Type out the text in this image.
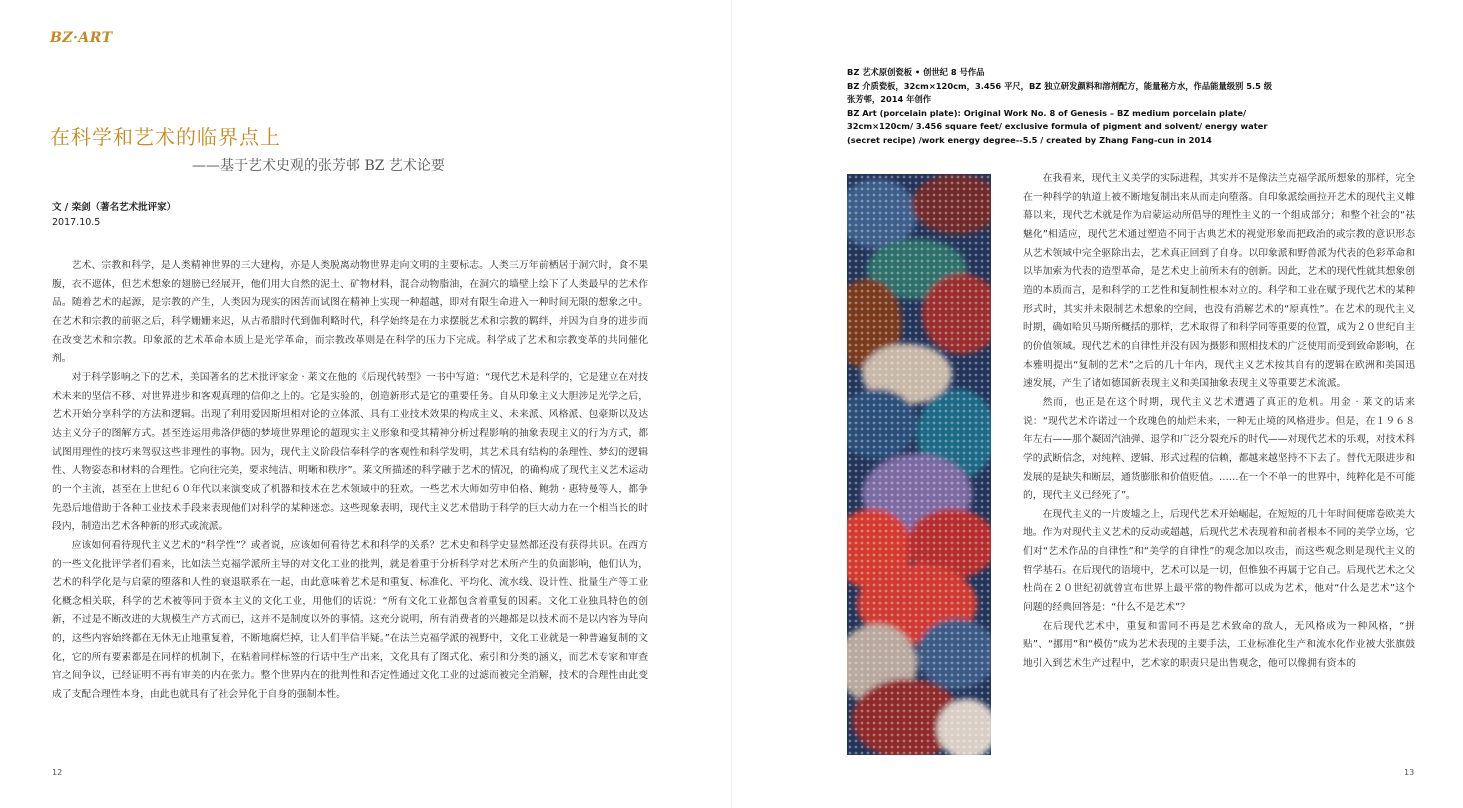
BZ·ART
在科学和艺术的临界点上
——基于艺术史观的张芳邨 BZ 艺术论要
文 / 栾剑（著名艺术批评家）
2017.10.5

艺术、宗教和科学，是人类精神世界的三大建构，亦是人类脱离动物世界走向文明的主要标志。人类三万年前栖居于洞穴时，食不果腹，衣不遮体，但艺术想象的翅膀已经展开，他们用大自然的泥土、矿物材料，混合动物脂油，在洞穴的墙壁上绘下了人类最早的艺术作品。随着艺术的起源，是宗教的产生，人类因为现实的困苦而试图在精神上实现一种超越，即对有限生命进入一种时间无限的想象之中。在艺术和宗教的前驱之后，科学姗姗来迟，从古希腊时代到伽利略时代，科学始终是在力求摆脱艺术和宗教的羁绊，并因为自身的进步而在改变艺术和宗教。印象派的艺术革命本质上是光学革命，而宗教改革则是在科学的压力下完成。科学成了艺术和宗教变革的共同催化剂。

对于科学影响之下的艺术，美国著名的艺术批评家金 · 莱文在他的《后现代转型》一书中写道：“现代艺术是科学的，它是建立在对技术未来的坚信不移、对世界进步和客观真理的信仰之上的。它是实验的，创造新形式是它的重要任务。自从印象主义大胆涉足光学之后，艺术开始分享科学的方法和逻辑。出现了利用爱因斯坦相对论的立体派、具有工业技术效果的构成主义、未来派、风格派、包豪斯以及达达主义分子的图解方式。甚至连运用弗洛伊德的梦境世界理论的超现实主义形象和受其精神分析过程影响的抽象表现主义的行为方式，都试图用理性的技巧来驾驭这些非理性的事物。因为，现代主义阶段信奉科学的客观性和科学发明，其艺术具有结构的条理性、梦幻的逻辑性、人物姿态和材料的合理性。它向往完美，要求纯洁、明晰和秩序”。莱文所描述的科学融于艺术的情况，的确构成了现代主义艺术运动的一个主流，甚至在上世纪６０年代以来演变成了机器和技术在艺术领域中的狂欢。一些艺术大师如劳申伯格、鲍勃 · 惠特曼等人，都争先恐后地借助于各种工业技术手段来表现他们对科学的某种迷恋。这些现象表明，现代主义艺术借助于科学的巨大动力在一个相当长的时段内，制造出艺术各种新的形式或流派。

应该如何看待现代主义艺术的“科学性”？或者说，应该如何看待艺术和科学的关系？艺术史和科学史显然都还没有获得共识。在西方的一些文化批评学者们看来，比如法兰克福学派所主导的对文化工业的批判，就是着重于分析科学对艺术所产生的负面影响，他们认为，艺术的科学化是与启蒙的堕落和人性的衰退联系在一起，由此意味着艺术是和重复、标准化、平均化、流水线、设计性、批量生产等工业化概念相关联，科学的艺术被等同于资本主义的文化工业，用他们的话说：“所有文化工业都包含着重复的因素。文化工业独具特色的创新，不过是不断改进的大规模生产方式而已，这并不是制度以外的事情。这充分说明，所有消费者的兴趣都是以技术而不是以内容为导向的，这些内容始终都在无休无止地重复着，不断地腐烂掉，让人们半信半疑。”在法兰克福学派的视野中，文化工业就是一种普遍复制的文化，它的所有要素都是在同样的机制下，在粘着同样标签的行话中生产出来，文化具有了图式化、索引和分类的涵义，而艺术专家和审查官之间争议，已经证明不再有审美的内在张力。整个世界内在的批判性和否定性通过文化工业的过滤而被完全消解，技术的合理性由此变成了支配合理性本身，由此也就具有了社会异化于自身的强制本性。

12
BZ 艺术原创瓷板 • 创世纪 8 号作品
BZ 介质瓷板，32cm×120cm，3.456 平尺，BZ 独立研发颜料和溶剂配方，能量秘方水，作品能量级别 5.5 级
张芳邨，2014 年创作
BZ Art (porcelain plate): Original Work No. 8 of Genesis – BZ medium porcelain plate/ 32cm×120cm/ 3.456 square feet/ exclusive formula of pigment and solvent/ energy water (secret recipe) /work energy degree--5.5 / created by Zhang Fang-cun in 2014

在我看来，现代主义美学的实际进程，其实并不是像法兰克福学派所想象的那样，完全在一种科学的轨道上被不断地复制出来从而走向堕落。自印象派绘画拉开艺术的现代主义帷幕以来，现代艺术就是作为启蒙运动所倡导的理性主义的一个组成部分；和整个社会的“祛魅化”相适应，现代艺术通过塑造不同于古典艺术的视觉形象而把政治的或宗教的意识形态从艺术领域中完全驱除出去，艺术真正回到了自身。以印象派和野兽派为代表的色彩革命和以毕加索为代表的造型革命，是艺术史上前所未有的创新。因此，艺术的现代性就其想象创造的本质而言，是和科学的工艺性和复制性根本对立的。科学和工业在赋予现代艺术的某种形式时，其实并未限制艺术想象的空间，也没有消解艺术的“原真性”。在艺术的现代主义时期，确如哈贝马斯所概括的那样，艺术取得了和科学同等重要的位置，成为２０世纪自主的价值领域。现代艺术的自律性并没有因为摄影和照相技术的广泛使用而受到致命影响，在本雅明提出“复制的艺术”之后的几十年内，现代主义艺术按其自有的逻辑在欧洲和美国迅速发展，产生了诸如德国新表现主义和美国抽象表现主义等重要艺术流派。

然而，也正是在这个时期，现代主义艺术遭遇了真正的危机。用金 · 莱文的话来说：“现代艺术许诺过一个玫瑰色的灿烂未来，一种无止境的风格进步。但是，在１９６８年左右——那个凝固汽油弹、退学和广泛分裂充斥的时代——对现代艺术的乐观，对技术科学的武断信念，对纯粹、逻辑、形式过程的信赖，都越来越坚持不下去了。替代无限进步和发展的是缺失和断层，通货膨胀和价值贬值。……在一个不单一的世界中，纯粹化是不可能的，现代主义已经死了”。

在现代主义的一片废墟之上，后现代艺术开始崛起，在短短的几十年时间便席卷欧美大地。作为对现代主义艺术的反动或超越，后现代艺术表现着和前者根本不同的美学立场，它们对“艺术作品的自律性”和“美学的自律性”的观念加以攻击，而这些观念则是现代主义的哲学基石。在后现代的语境中，艺术可以是一切，但惟独不再属于它自己。后现代艺术之父杜尚在２０世纪初就曾宣布世界上最平常的物件都可以成为艺术，他对“什么是艺术”这个问题的经典回答是：“什么不是艺术”？

在后现代艺术中，重复和雷同不再是艺术致命的敌人，无风格成为一种风格，“拼贴”、“挪用”和“模仿”成为艺术表现的主要手法，工业标准化生产和流水化作业被大张旗鼓地引入到艺术生产过程中，艺术家的职责只是出售观念，他可以像拥有资本的

13
